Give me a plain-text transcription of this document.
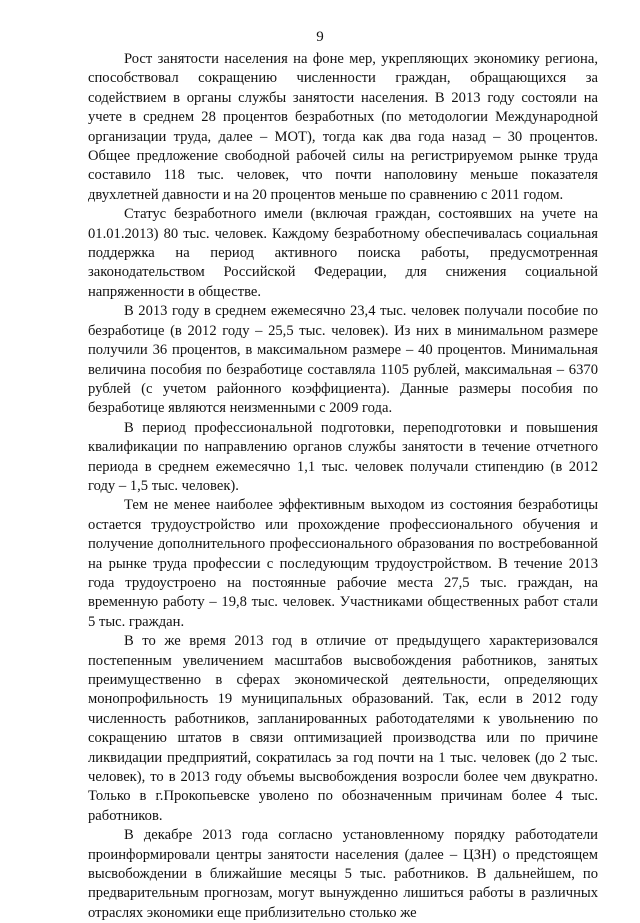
9

Рост занятости населения на фоне мер, укрепляющих экономику региона, способствовал сокращению численности граждан, обращающихся за содействием в органы службы занятости населения. В 2013 году состояли на учете в среднем 28 процентов безработных (по методологии Международной организации труда, далее – МОТ), тогда как два года назад – 30 процентов. Общее предложение свободной рабочей силы на регистрируемом рынке труда составило 118 тыс. человек, что почти наполовину меньше показателя двухлетней давности и на 20 процентов меньше по сравнению с 2011 годом.

Статус безработного имели (включая граждан, состоявших на учете на 01.01.2013) 80 тыс. человек. Каждому безработному обеспечивалась социальная поддержка на период активного поиска работы, предусмотренная законодательством Российской Федерации, для снижения социальной напряженности в обществе.

В 2013 году в среднем ежемесячно 23,4 тыс. человек получали пособие по безработице (в 2012 году – 25,5 тыс. человек). Из них в минимальном размере получили 36 процентов, в максимальном размере – 40 процентов. Минимальная величина пособия по безработице составляла 1105 рублей, максимальная – 6370 рублей (с учетом районного коэффициента). Данные размеры пособия по безработице являются неизменными с 2009 года.

В период профессиональной подготовки, переподготовки и повышения квалификации по направлению органов службы занятости в течение отчетного периода в среднем ежемесячно 1,1 тыс. человек получали стипендию (в 2012 году – 1,5 тыс. человек).

Тем не менее наиболее эффективным выходом из состояния безработицы остается трудоустройство или прохождение профессионального обучения и получение дополнительного профессионального образования по востребованной на рынке труда профессии с последующим трудоустройством. В течение 2013 года трудоустроено на постоянные рабочие места 27,5 тыс. граждан, на временную работу – 19,8 тыс. человек. Участниками общественных работ стали 5 тыс. граждан.

В то же время 2013 год в отличие от предыдущего характеризовался постепенным увеличением масштабов высвобождения работников, занятых преимущественно в сферах экономической деятельности, определяющих монопрофильность 19 муниципальных образований. Так, если в 2012 году численность работников, запланированных работодателями к увольнению по сокращению штатов в связи оптимизацией производства или по причине ликвидации предприятий, сократилась за год почти на 1 тыс. человек (до 2 тыс. человек), то в 2013 году объемы высвобождения возросли более чем двукратно. Только в г.Прокопьевске уволено по обозначенным причинам более 4 тыс. работников.

В декабре 2013 года согласно установленному порядку работодатели проинформировали центры занятости населения (далее – ЦЗН) о предстоящем высвобождении в ближайшие месяцы 5 тыс. работников. В дальнейшем, по предварительным прогнозам, могут вынужденно лишиться работы в различных отраслях экономики еще приблизительно столько же
